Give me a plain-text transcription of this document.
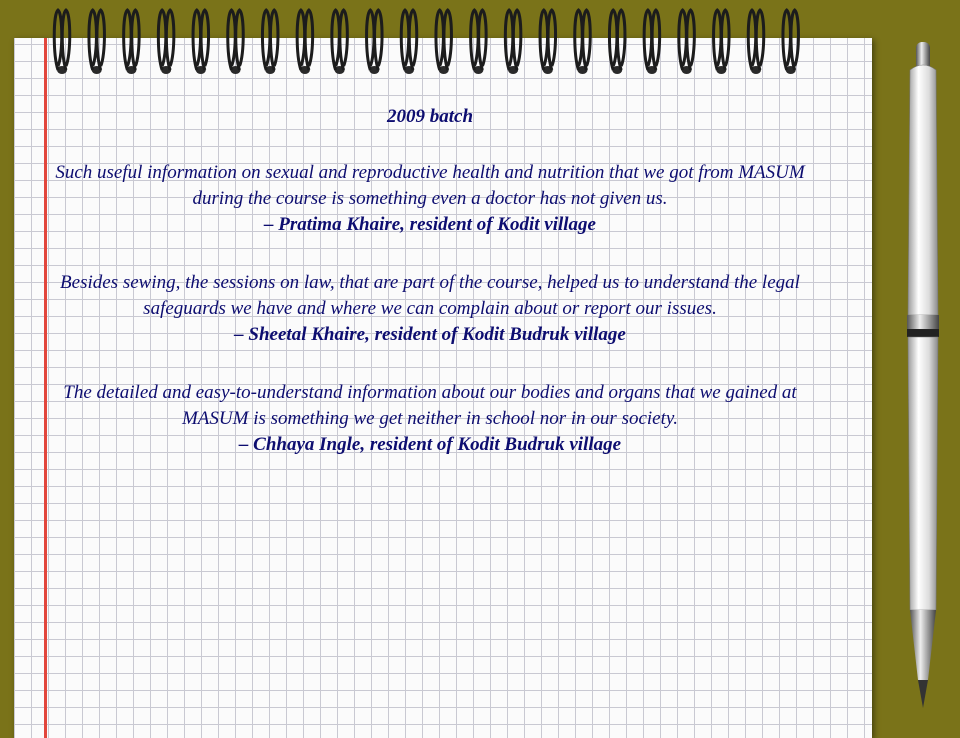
2009 batch
Such useful information on sexual and reproductive health and nutrition that we got from MASUM during the course is something even a doctor has not given us.
– Pratima Khaire, resident of Kodit village
Besides sewing, the sessions on law, that are part of the course, helped us to understand the legal safeguards we have and where we can complain about or report our issues.
– Sheetal Khaire, resident of Kodit Budruk village
The detailed and easy-to-understand information about our bodies and organs that we gained at MASUM is something we get neither in school nor in our society.
– Chhaya Ingle, resident of Kodit Budruk village
